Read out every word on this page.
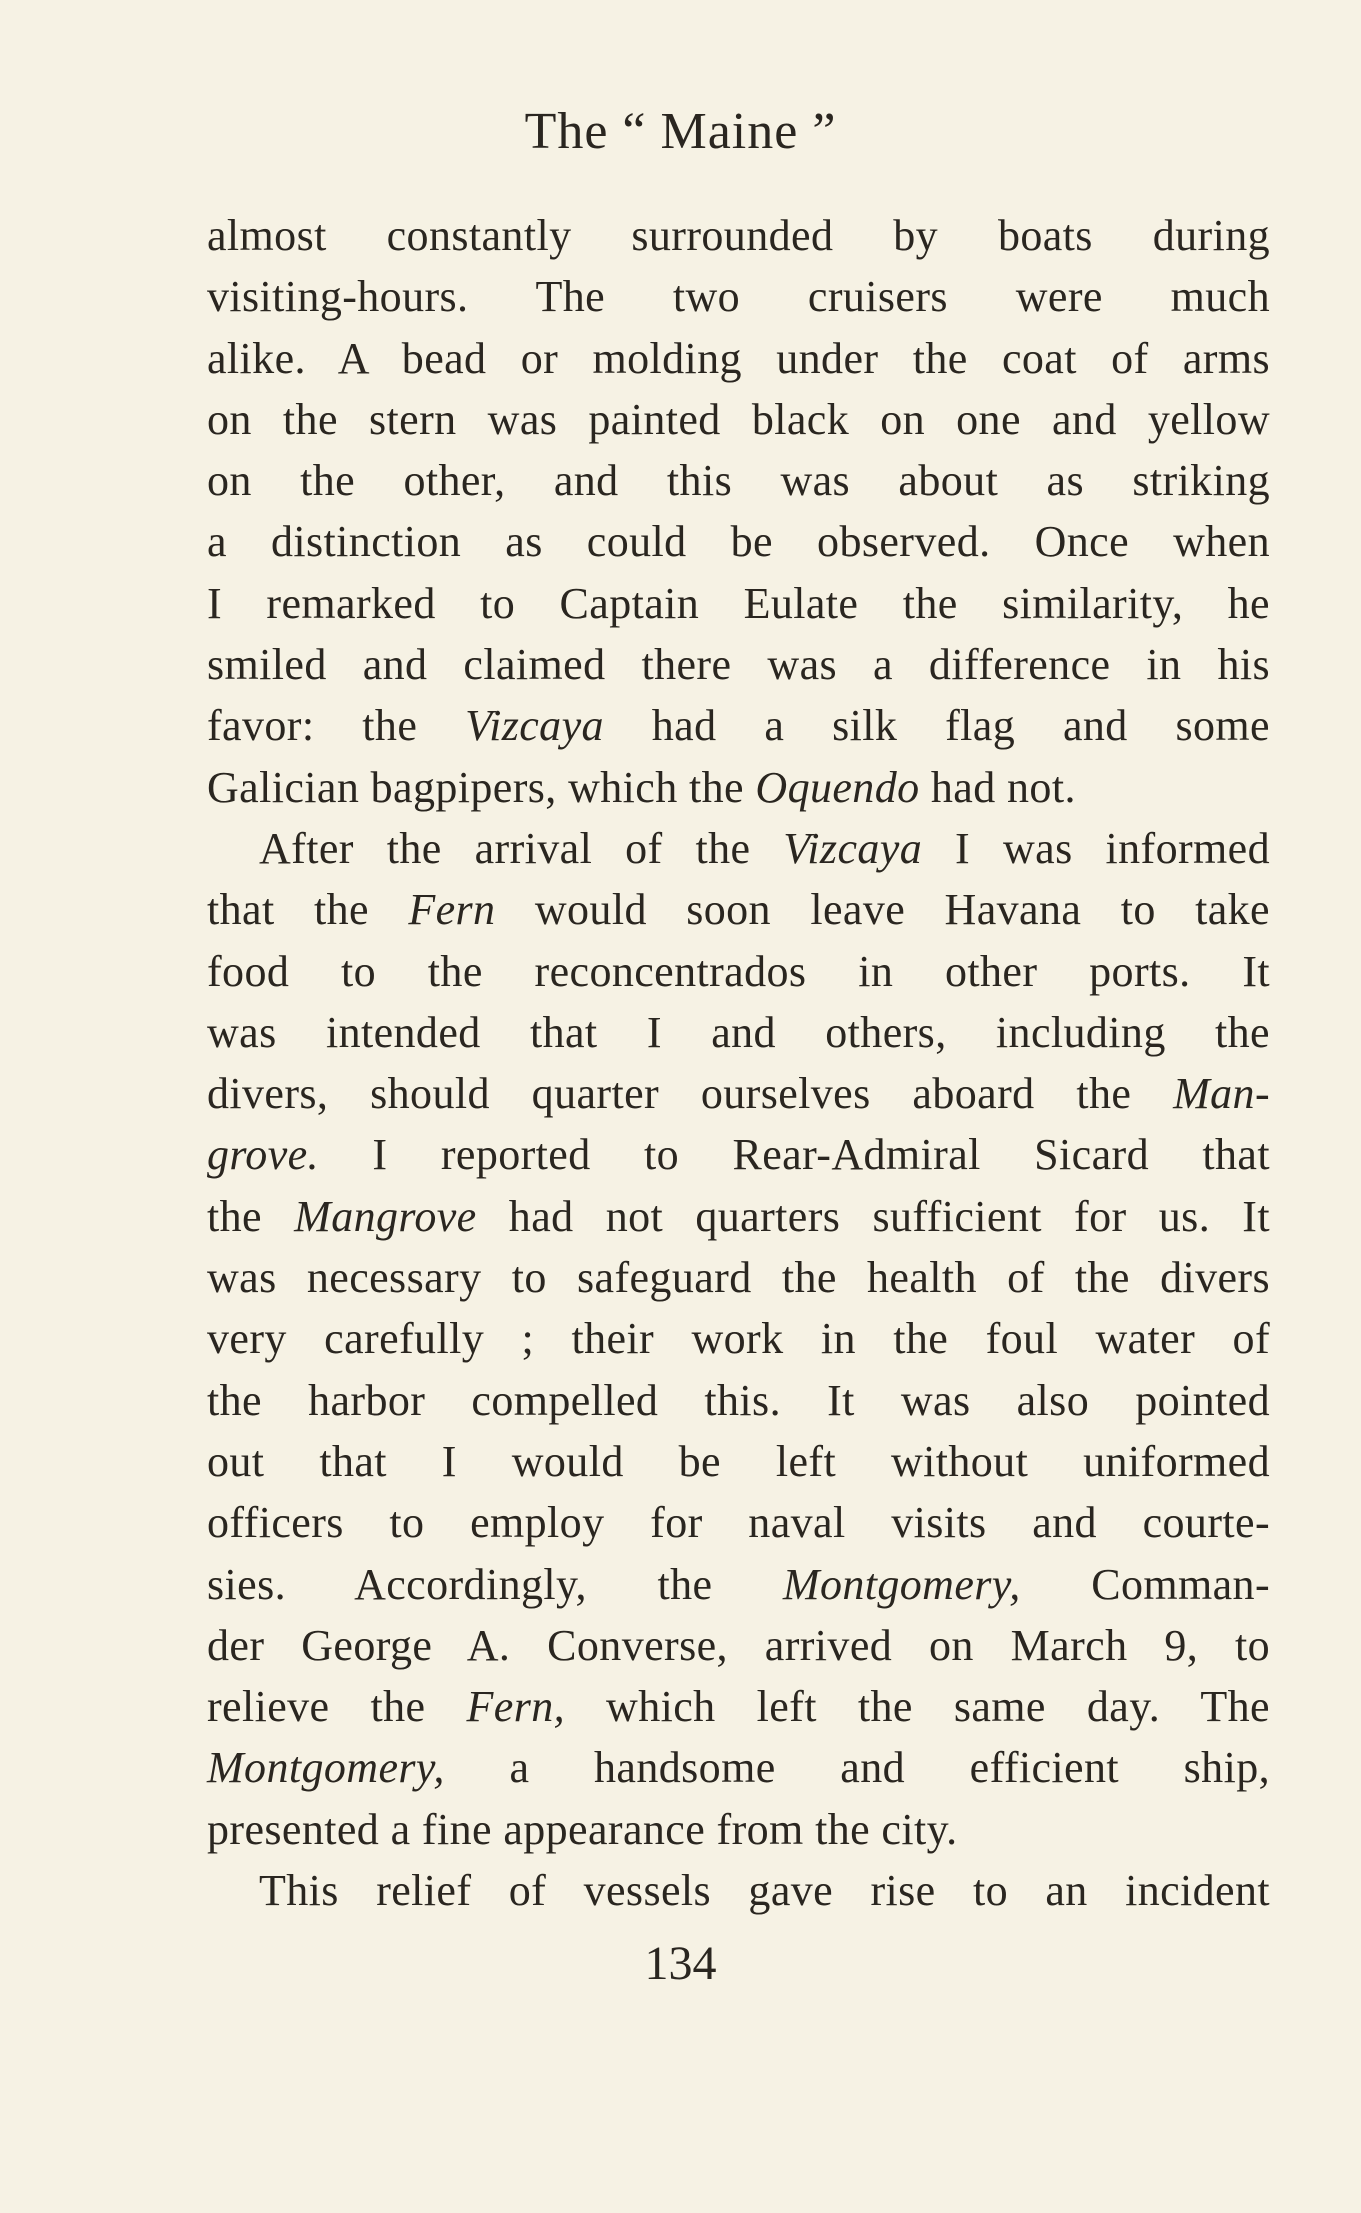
The “ Maine ”
almost constantly surrounded by boats during
visiting-hours. The two cruisers were much
alike. A bead or molding under the coat of arms
on the stern was painted black on one and yellow
on the other, and this was about as striking
a distinction as could be observed. Once when
I remarked to Captain Eulate the similarity, he
smiled and claimed there was a difference in his
favor: the Vizcaya had a silk flag and some
Galician bagpipers, which the Oquendo had not.
After the arrival of the Vizcaya I was informed
that the Fern would soon leave Havana to take
food to the reconcentrados in other ports. It
was intended that I and others, including the
divers, should quarter ourselves aboard the Man-
grove. I reported to Rear-Admiral Sicard that
the Mangrove had not quarters sufficient for us. It
was necessary to safeguard the health of the divers
very carefully ; their work in the foul water of
the harbor compelled this. It was also pointed
out that I would be left without uniformed
officers to employ for naval visits and courte-
sies. Accordingly, the Montgomery, Comman-
der George A. Converse, arrived on March 9, to
relieve the Fern, which left the same day. The
Montgomery, a handsome and efficient ship,
presented a fine appearance from the city.
This relief of vessels gave rise to an incident
134
